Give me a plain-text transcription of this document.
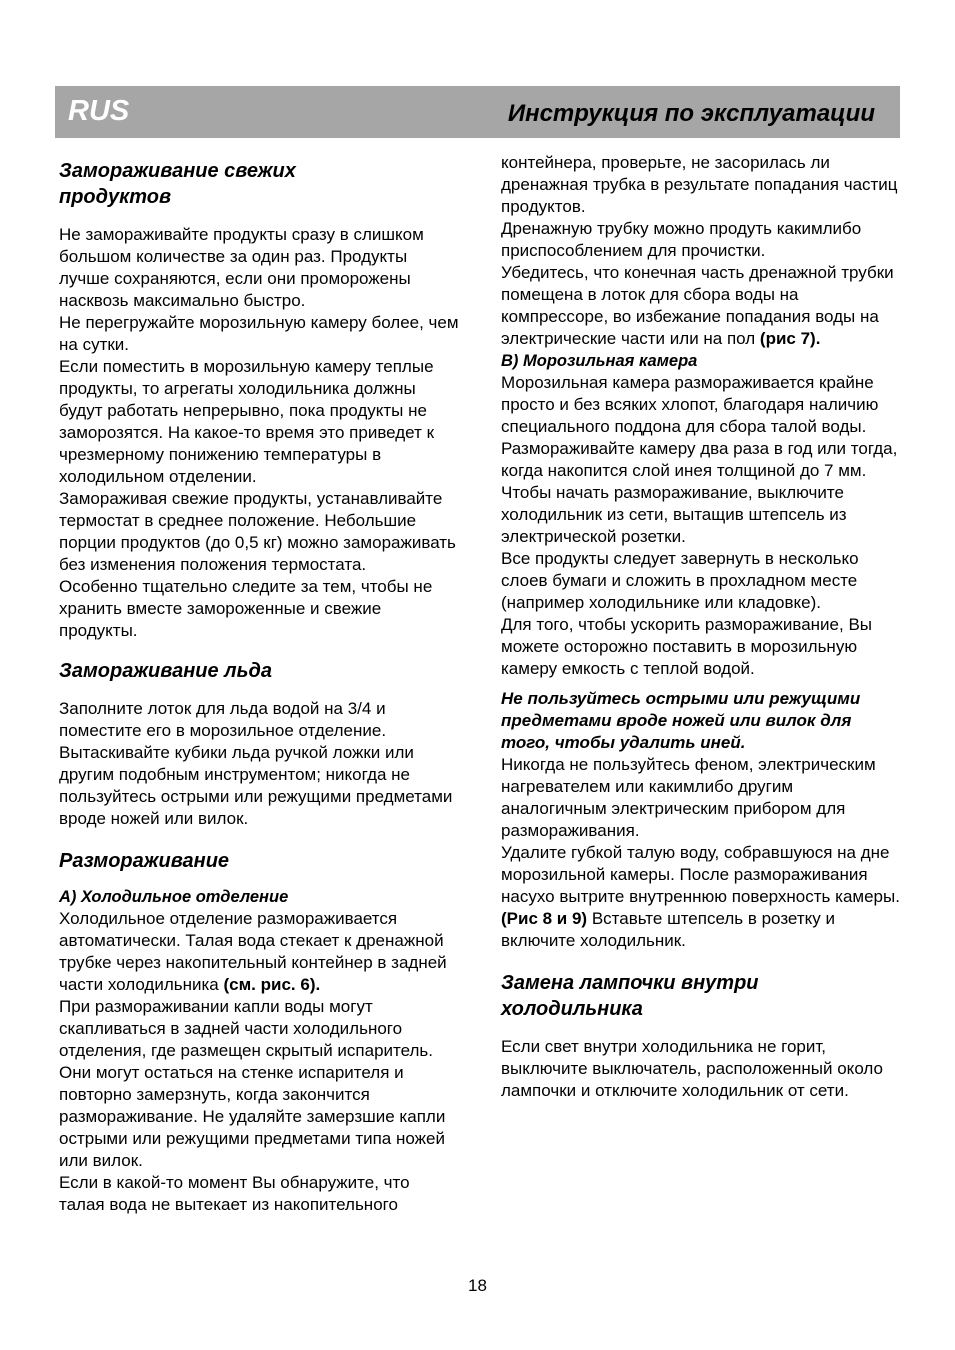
RUS	Инструкция по эксплуатации

Замораживание свежих продуктов

Не замораживайте продукты сразу в слишком большом количестве за один раз. Продукты лучше сохраняются, если они проморожены насквозь максимально быстро.

Не перегружайте морозильную камеру более, чем на сутки.

Если поместить в морозильную камеру теплые продукты, то агрегаты холодильника должны будут работать непрерывно, пока продукты не заморозятся. На какое-то время это приведет к чрезмерному понижению температуры в холодильном отделении.

Замораживая свежие продукты, устанавливайте термостат в среднее положение. Небольшие порции продуктов (до 0,5 кг) можно замораживать без изменения положения термостата.

Особенно тщательно следите за тем, чтобы не хранить вместе замороженные и свежие продукты.

Замораживание льда

Заполните лоток для льда водой на 3/4 и поместите его в морозильное отделение. Вытаскивайте кубики льда ручкой ложки или другим подобным инструментом; никогда не пользуйтесь острыми или режущими предметами вроде ножей или вилок.

Размораживание

А) Холодильное отделение

Холодильное отделение размораживается автоматически. Талая вода стекает к дренажной трубке через накопительный контейнер в задней части холодильника (см. рис. 6).

При размораживании капли воды могут скапливаться в задней части холодильного отделения, где размещен скрытый испаритель. Они могут остаться на стенке испарителя и повторно замерзнуть, когда закончится размораживание. Не удаляйте замерзшие капли острыми или режущими предметами типа ножей или вилок.

Если в какой-то момент Вы обнаружите, что талая вода не вытекает из накопительного

контейнера, проверьте, не засорилась ли дренажная трубка в результате попадания частиц продуктов.

Дренажную трубку можно продуть какимлибо приспособлением для прочистки.

Убедитесь, что конечная часть дренажной трубки помещена в лоток для сбора воды на компрессоре, во избежание попадания воды на электрические части или на пол (рис 7).

В) Морозильная камера

Морозильная камера размораживается крайне просто и без всяких хлопот, благодаря наличию специального поддона для сбора талой воды.

Размораживайте камеру два раза в год или тогда, когда накопится слой инея толщиной до 7 мм. Чтобы начать размораживание, выключите холодильник из сети, вытащив штепсель из электрической розетки.

Все продукты следует завернуть в несколько слоев бумаги и сложить в прохладном месте (например холодильнике или кладовке).

Для того, чтобы ускорить размораживание, Вы можете осторожно поставить в морозильную камеру емкость с теплой водой.

Не пользуйтесь острыми или режущими предметами вроде ножей или вилок для того, чтобы удалить иней.

Никогда не пользуйтесь феном, электрическим нагревателем или какимлибо другим аналогичным электрическим прибором для размораживания.

Удалите губкой талую воду, собравшуюся на дне морозильной камеры. После размораживания насухо вытрите внутреннюю поверхность камеры. (Рис 8 и 9) Вставьте штепсель в розетку и включите холодильник.

Замена лампочки внутри холодильника

Если свет внутри холодильника не горит, выключите выключатель, расположенный около лампочки и отключите холодильник от сети.

18
